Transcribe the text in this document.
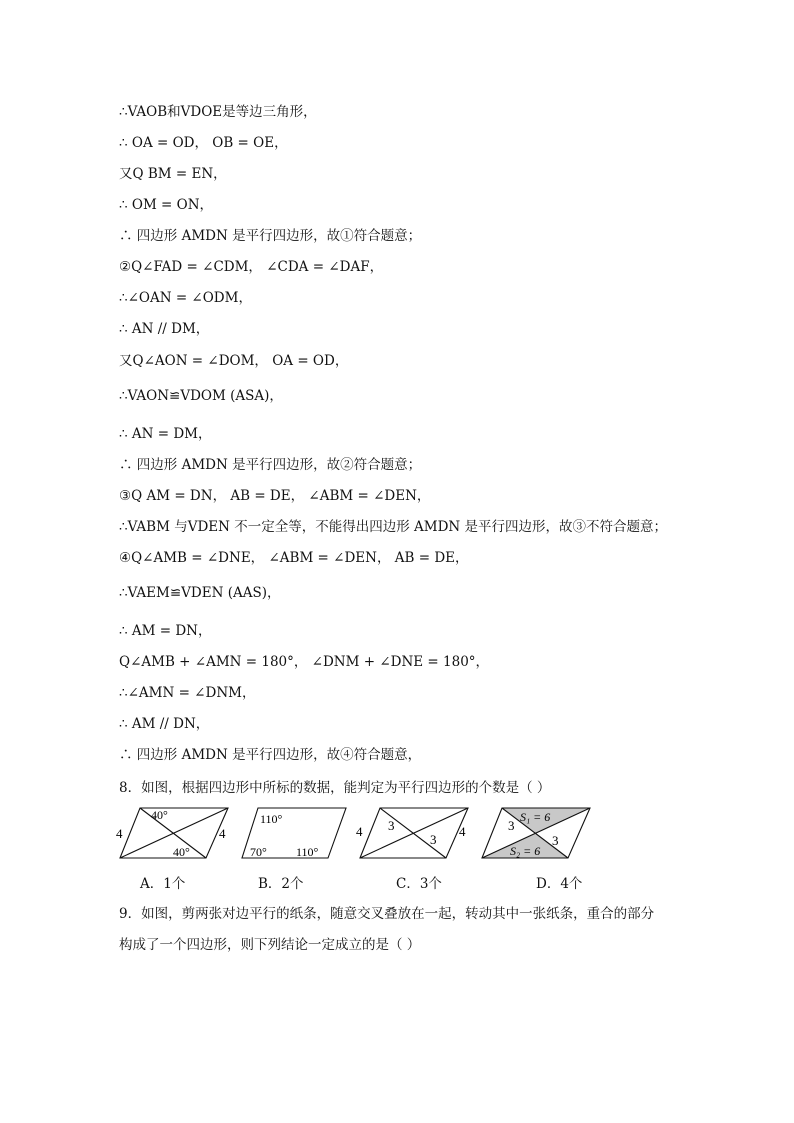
∴VAOB和VDOE是等边三角形，
∴ OA = OD， OB = OE，
又Q BM = EN，
∴ OM = ON，
∴ 四边形 AMDN 是平行四边形，故①符合题意；
②Q∠FAD = ∠CDM， ∠CDA = ∠DAF，
∴∠OAN = ∠ODM，
∴ AN // DM，
又Q∠AON = ∠DOM， OA = OD，
∴VAON≌VDOM (ASA)，
∴ AN = DM，
∴ 四边形 AMDN 是平行四边形，故②符合题意；
③Q AM = DN， AB = DE， ∠ABM = ∠DEN，
∴VABM 与VDEN 不一定全等，不能得出四边形 AMDN 是平行四边形，故③不符合题意；
④Q∠AMB = ∠DNE， ∠ABM = ∠DEN， AB = DE，
∴VAEM≌VDEN (AAS)，
∴ AM = DN，
Q∠AMB + ∠AMN = 180°， ∠DNM + ∠DNE = 180°，
∴∠AMN = ∠DNM，
∴ AM // DN，
∴ 四边形 AMDN 是平行四边形，故④符合题意，
8．如图，根据四边形中所标的数据，能判定为平行四边形的个数是（ ）
40°
40°
4	4
110°
70° 110°
4	4
3
3
S₁ = 6
S₂ = 6
3
3
A．1个	B．2个	C．3个	D．4个
9．如图，剪两张对边平行的纸条，随意交叉叠放在一起，转动其中一张纸条，重合的部分
构成了一个四边形，则下列结论一定成立的是（ ）
